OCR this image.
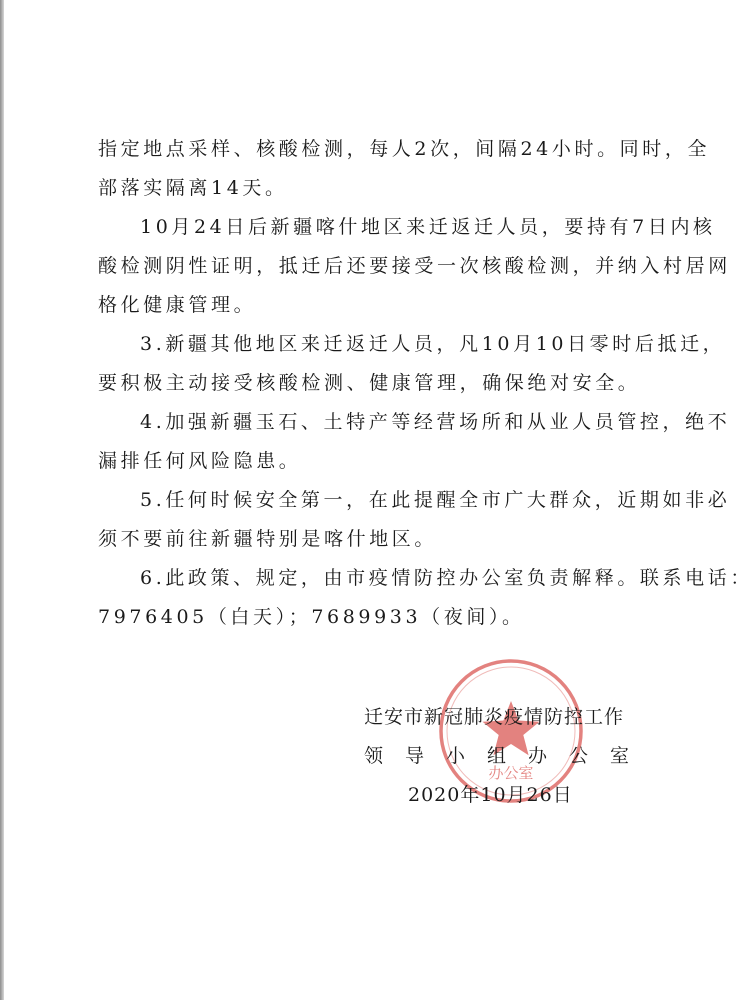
指定地点采样、核酸检测，每人2次，间隔24小时。同时，全
部落实隔离14天。
10月24日后新疆喀什地区来迁返迁人员，要持有7日内核
酸检测阴性证明，抵迁后还要接受一次核酸检测，并纳入村居网
格化健康管理。
3.新疆其他地区来迁返迁人员，凡10月10日零时后抵迁，
要积极主动接受核酸检测、健康管理，确保绝对安全。
4.加强新疆玉石、土特产等经营场所和从业人员管控，绝不
漏排任何风险隐患。
5.任何时候安全第一，在此提醒全市广大群众，近期如非必
须不要前往新疆特别是喀什地区。
6.此政策、规定，由市疫情防控办公室负责解释。联系电话：
7976405（白天）；7689933（夜间）。
办公室
迁安市新冠肺炎疫情防控工作
领导小组办公室
2020年10月26日
